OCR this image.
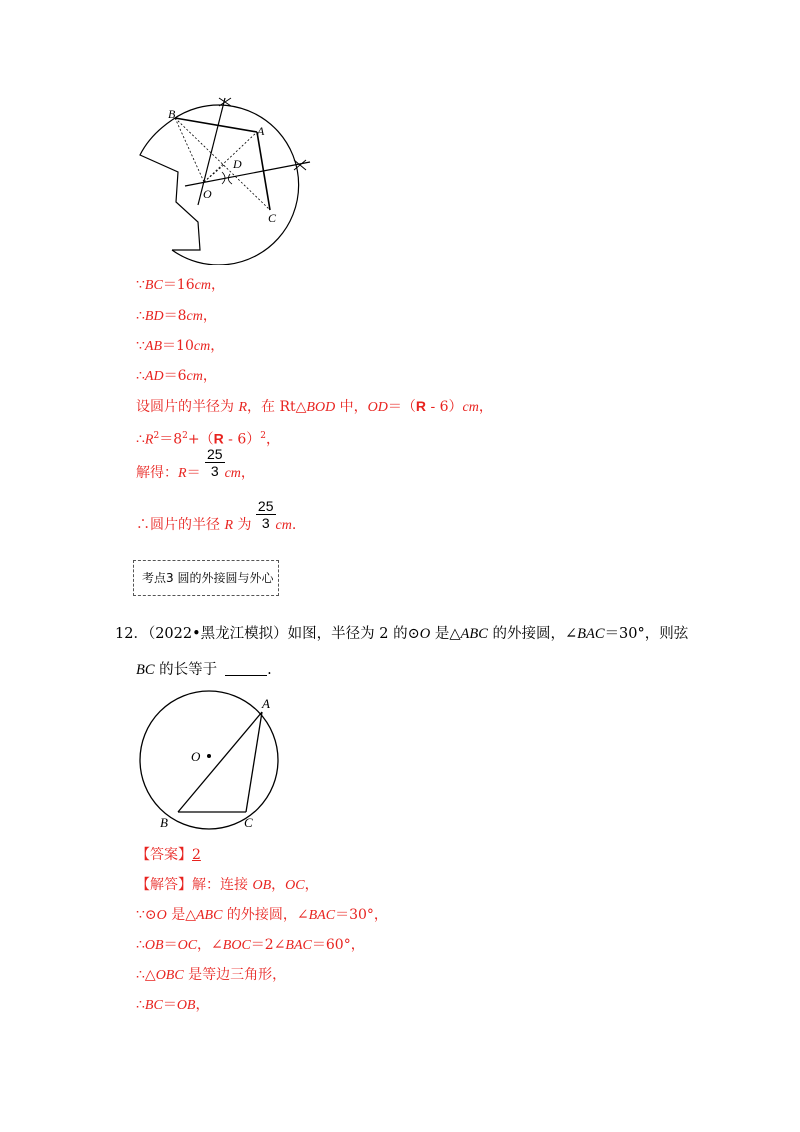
B
A
D
O
C
∵BC＝16cm，
∴BD＝8cm，
∵AB＝10cm，
∴AD＝6cm，
设圆片的半径为 R，在 Rt△BOD 中，OD＝（R - 6）cm，
$\therefore R^2=8^2+(R - 6)^2$，
解得：$R= \frac{25}{3}$ cm，
∴圆片的半径 R 为 $\frac{25}{3}$ cm.
考点3 圆的外接圆与外心
12．（2022•黑龙江模拟）如图，半径为 2 的⊙O 是△ABC 的外接圆，∠BAC＝30°，则弦
BC 的长等于	.
A
O
B	C
【答案】2
【解答】解：连接 OB，OC，
∵⊙O 是△ABC 的外接圆，∠BAC＝30°，
∴OB＝OC，∠BOC＝2∠BAC＝60°，
∴△OBC 是等边三角形，
∴BC＝OB，
